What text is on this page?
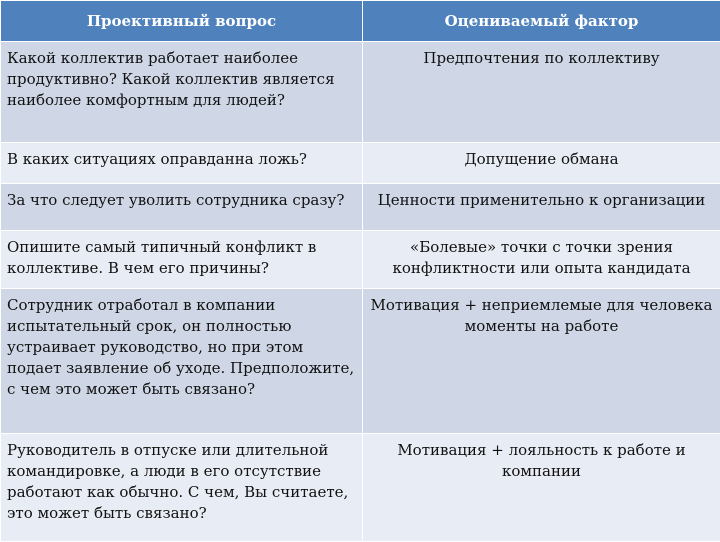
Проективный вопрос	Оцениваемый фактор
Какой коллектив работает наиболее продуктивно? Какой коллектив является наиболее комфортным для людей?	Предпочтения по коллективу
В каких ситуациях оправданна ложь?	Допущение обмана
За что следует уволить сотрудника сразу?	Ценности применительно к организации
Опишите самый типичный конфликт в коллективе. В чем его причины?	«Болевые» точки с точки зрения конфликтности или опыта кандидата
Сотрудник отработал в компании испытательный срок, он полностью устраивает руководство, но при этом подает заявление об уходе. Предположите, с чем это может быть связано?	Мотивация + неприемлемые для человека моменты на работе
Руководитель в отпуске или длительной командировке, а люди в его отсутствие работают как обычно. С чем, Вы считаете, это может быть связано?	Мотивация + лояльность к работе и компании
